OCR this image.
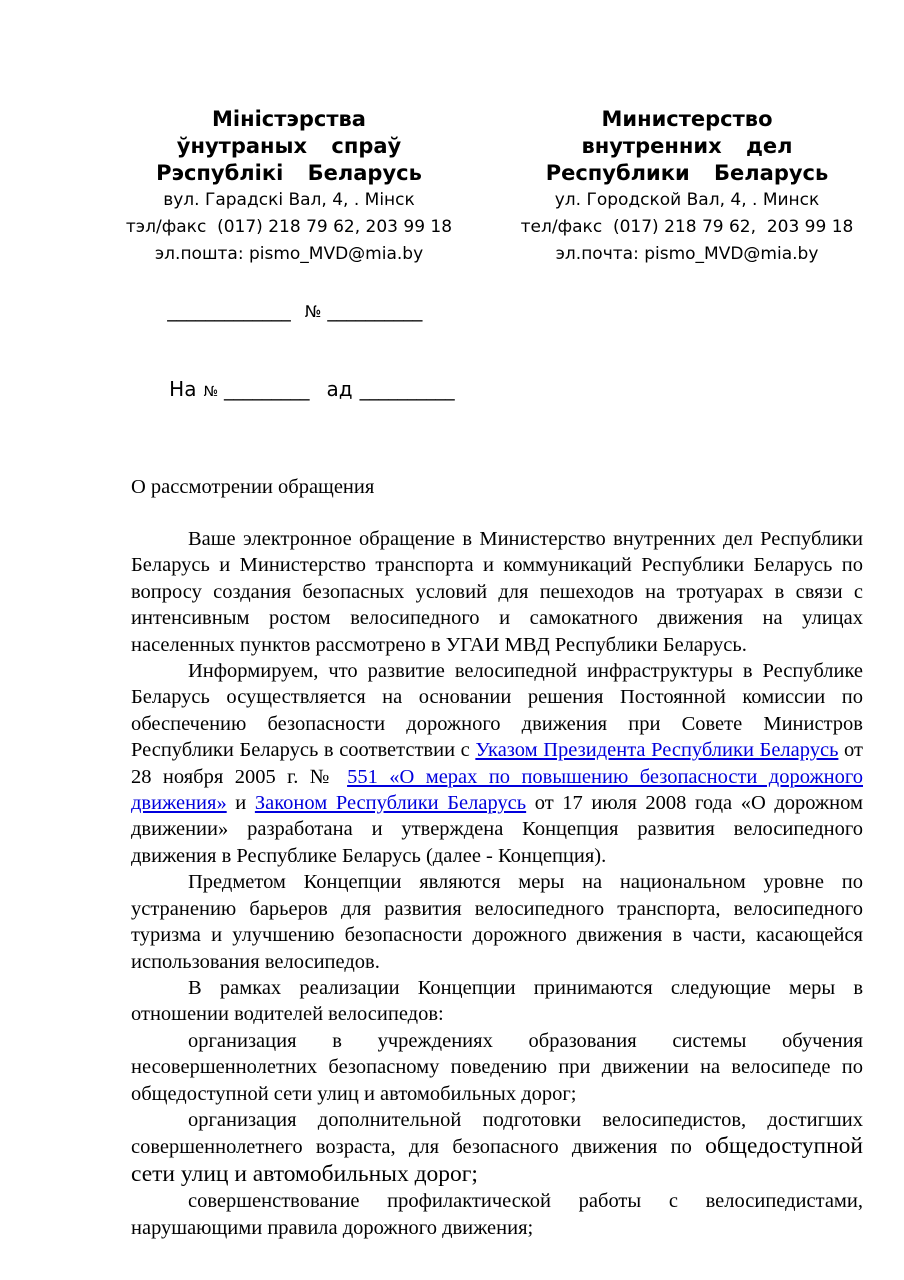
Міністэрства
ўнутраных спраў
Рэспублікі Беларусь
вул. Гарадскі Вал, 4, . Мінск
тэл/факс  (017) 218 79 62, 203 99 18
эл.пошта: pismo_MVD@mia.by
Министерство
внутренних дел
Республики Беларусь
ул. Городской Вал, 4, . Минск
тел/факс  (017) 218 79 62,  203 99 18
эл.почта: pismo_MVD@mia.by

_____________ № __________

На № _________ ад __________

О рассмотрении обращения

Ваше электронное обращение в Министерство внутренних дел Республики Беларусь и Министерство транспорта и коммуникаций Республики Беларусь по вопросу создания безопасных условий для пешеходов на тротуарах в связи с интенсивным ростом велосипедного и самокатного движения на улицах населенных пунктов рассмотрено в УГАИ МВД Республики Беларусь.

Информируем, что развитие велосипедной инфраструктуры в Республике Беларусь осуществляется на основании решения Постоянной комиссии по обеспечению безопасности дорожного движения при Совете Министров Республики Беларусь в соответствии с Указом Президента Республики Беларусь от 28 ноября 2005 г. № 551 «О мерах по повышению безопасности дорожного движения» и Законом Республики Беларусь от 17 июля 2008 года «О дорожном движении» разработана и утверждена Концепция развития велосипедного движения в Республике Беларусь (далее - Концепция).

Предметом Концепции являются меры на национальном уровне по устранению барьеров для развития велосипедного транспорта, велосипедного туризма и улучшению безопасности дорожного движения в части, касающейся использования велосипедов.

В рамках реализации Концепции принимаются следующие меры в отношении водителей велосипедов:

организация в учреждениях образования системы обучения несовершеннолетних безопасному поведению при движении на велосипеде по общедоступной сети улиц и автомобильных дорог;

организация дополнительной подготовки велосипедистов, достигших совершеннолетнего возраста, для безопасного движения по общедоступной сети улиц и автомобильных дорог;

совершенствование профилактической работы с велосипедистами, нарушающими правила дорожного движения;
